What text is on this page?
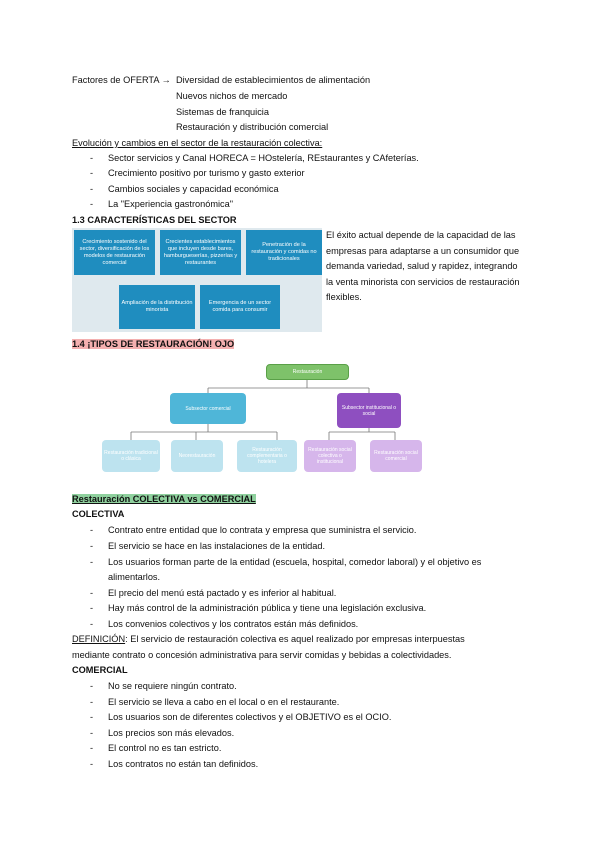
Factores de OFERTA → Diversidad de establecimientos de alimentación
Nuevos nichos de mercado
Sistemas de franquicia
Restauración y distribución comercial
Evolución y cambios en el sector de la restauración colectiva:
- Sector servicios y Canal HORECA = HOstelería, REstaurantes y CAfeterías.
- Crecimiento positivo por turismo y gasto exterior
- Cambios sociales y capacidad económica
- La "Experiencia gastronómica"
1.3 CARACTERÍSTICAS DEL SECTOR
Crecimiento sostenido del sector, diversificación de los modelos de restauración comercial
Crecientes establecimientos que incluyen desde bares, hamburgueserías, pizzerías y restaurantes
Penetración de la restauración y comidas no tradicionales
Ampliación de la distribución minorista
Emergencia de un sector comida para consumir
El éxito actual depende de la capacidad de las empresas para adaptarse a un consumidor que demanda variedad, salud y rapidez, integrando la venta minorista con servicios de restauración flexibles.
1.4 ¡TIPOS DE RESTAURACIÓN! OJO
Restauración
Subsector comercial	Subsector institucional o social
Restauración tradicional o clásica	Neorestauración
Restauración complementaria o hotelera
Restauración social colectiva o institucional
Restauración social comercial
Restauración COLECTIVA vs COMERCIAL
COLECTIVA
- Contrato entre entidad que lo contrata y empresa que suministra el servicio.
- El servicio se hace en las instalaciones de la entidad.
- Los usuarios forman parte de la entidad (escuela, hospital, comedor laboral) y el objetivo es
alimentarlos.
- El precio del menú está pactado y es inferior al habitual.
- Hay más control de la administración pública y tiene una legislación exclusiva.
- Los convenios colectivos y los contratos están más definidos.
DEFINICIÓN: El servicio de restauración colectiva es aquel realizado por empresas interpuestas
mediante contrato o concesión administrativa para servir comidas y bebidas a colectividades.
COMERCIAL
- No se requiere ningún contrato.
- El servicio se lleva a cabo en el local o en el restaurante.
- Los usuarios son de diferentes colectivos y el OBJETIVO es el OCIO.
- Los precios son más elevados.
- El control no es tan estricto.
- Los contratos no están tan definidos.
